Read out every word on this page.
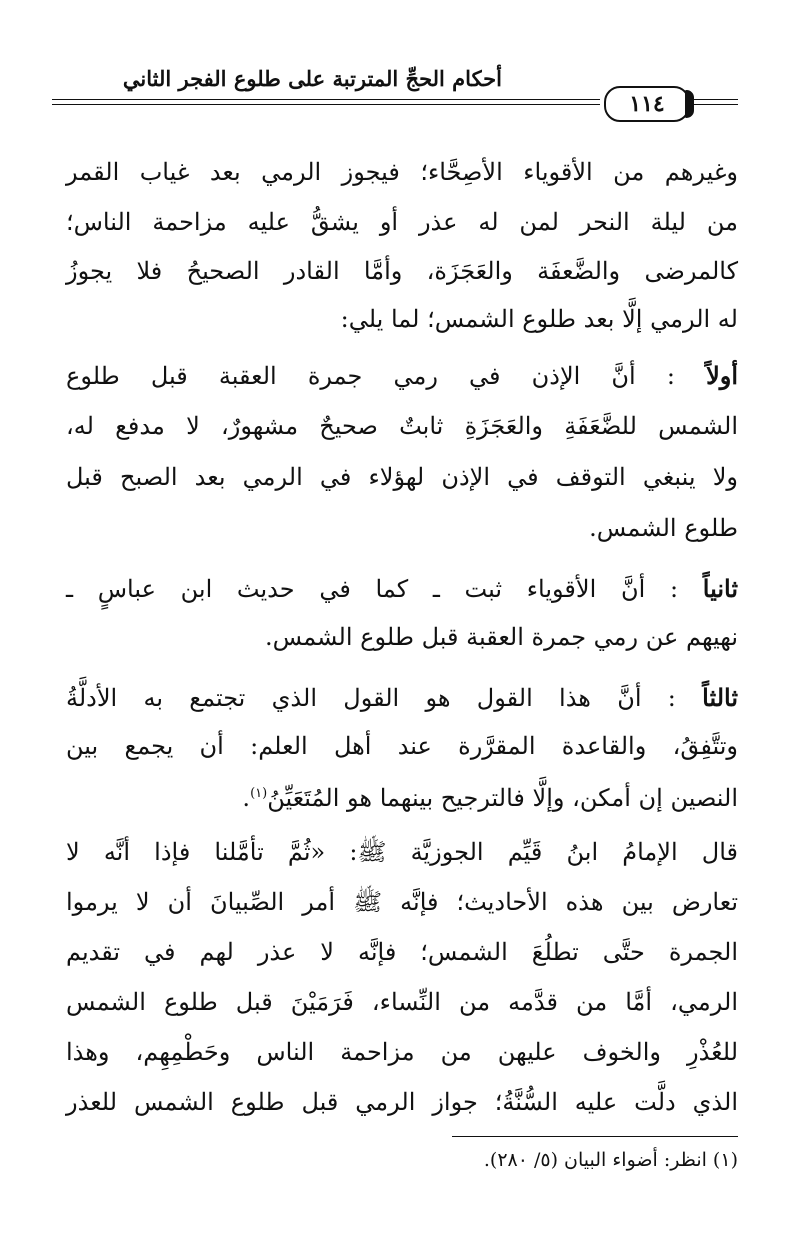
أحكام الحجِّ المترتبة على طلوع الفجر الثاني
١١٤
وغيرهم من الأقوياء الأصِحَّاء؛ فيجوز الرمي بعد غياب القمر
من ليلة النحر لمن له عذر أو يشقُّ عليه مزاحمة الناس؛
كالمرضى والضَّعفَة والعَجَزَة، وأمَّا القادر الصحيحُ فلا يجوزُ
له الرمي إلَّا بعد طلوع الشمس؛ لما يلي:
أولاً : أنَّ الإذن في رمي جمرة العقبة قبل طلوع
الشمس للضَّعَفَةِ والعَجَزَةِ ثابتٌ صحيحٌ مشهورٌ، لا مدفع له،
ولا ينبغي التوقف في الإذن لهؤلاء في الرمي بعد الصبح قبل
طلوع الشمس.
ثانياً : أنَّ الأقوياء ثبت ـ كما في حديث ابن عباسٍ ـ
نهيهم عن رمي جمرة العقبة قبل طلوع الشمس.
ثالثاً : أنَّ هذا القول هو القول الذي تجتمع به الأدلَّةُ
وتتَّفِقُ، والقاعدة المقرَّرة عند أهل العلم: أن يجمع بين
النصين إن أمكن، وإلَّا فالترجيح بينهما هو المُتَعَيِّنُ$^{(١)}$.
قال الإمامُ ابنُ قَيِّم الجوزيَّة ﷺ: «ثُمَّ تأمَّلنا فإذا أنَّه لا
تعارض بين هذه الأحاديث؛ فإنَّه ﷺ أمر الصِّبيانَ أن لا يرموا
الجمرة حتَّى تطلُعَ الشمس؛ فإنَّه لا عذر لهم في تقديم
الرمي، أمَّا من قدَّمه من النِّساء، فَرَمَيْنَ قبل طلوع الشمس
للعُذْرِ والخوف عليهن من مزاحمة الناس وحَطْمِهِم، وهذا
الذي دلَّت عليه السُّنَّةُ؛ جواز الرمي قبل طلوع الشمس للعذر
(١) انظر: أضواء البيان (٥/ ٢٨٠).
